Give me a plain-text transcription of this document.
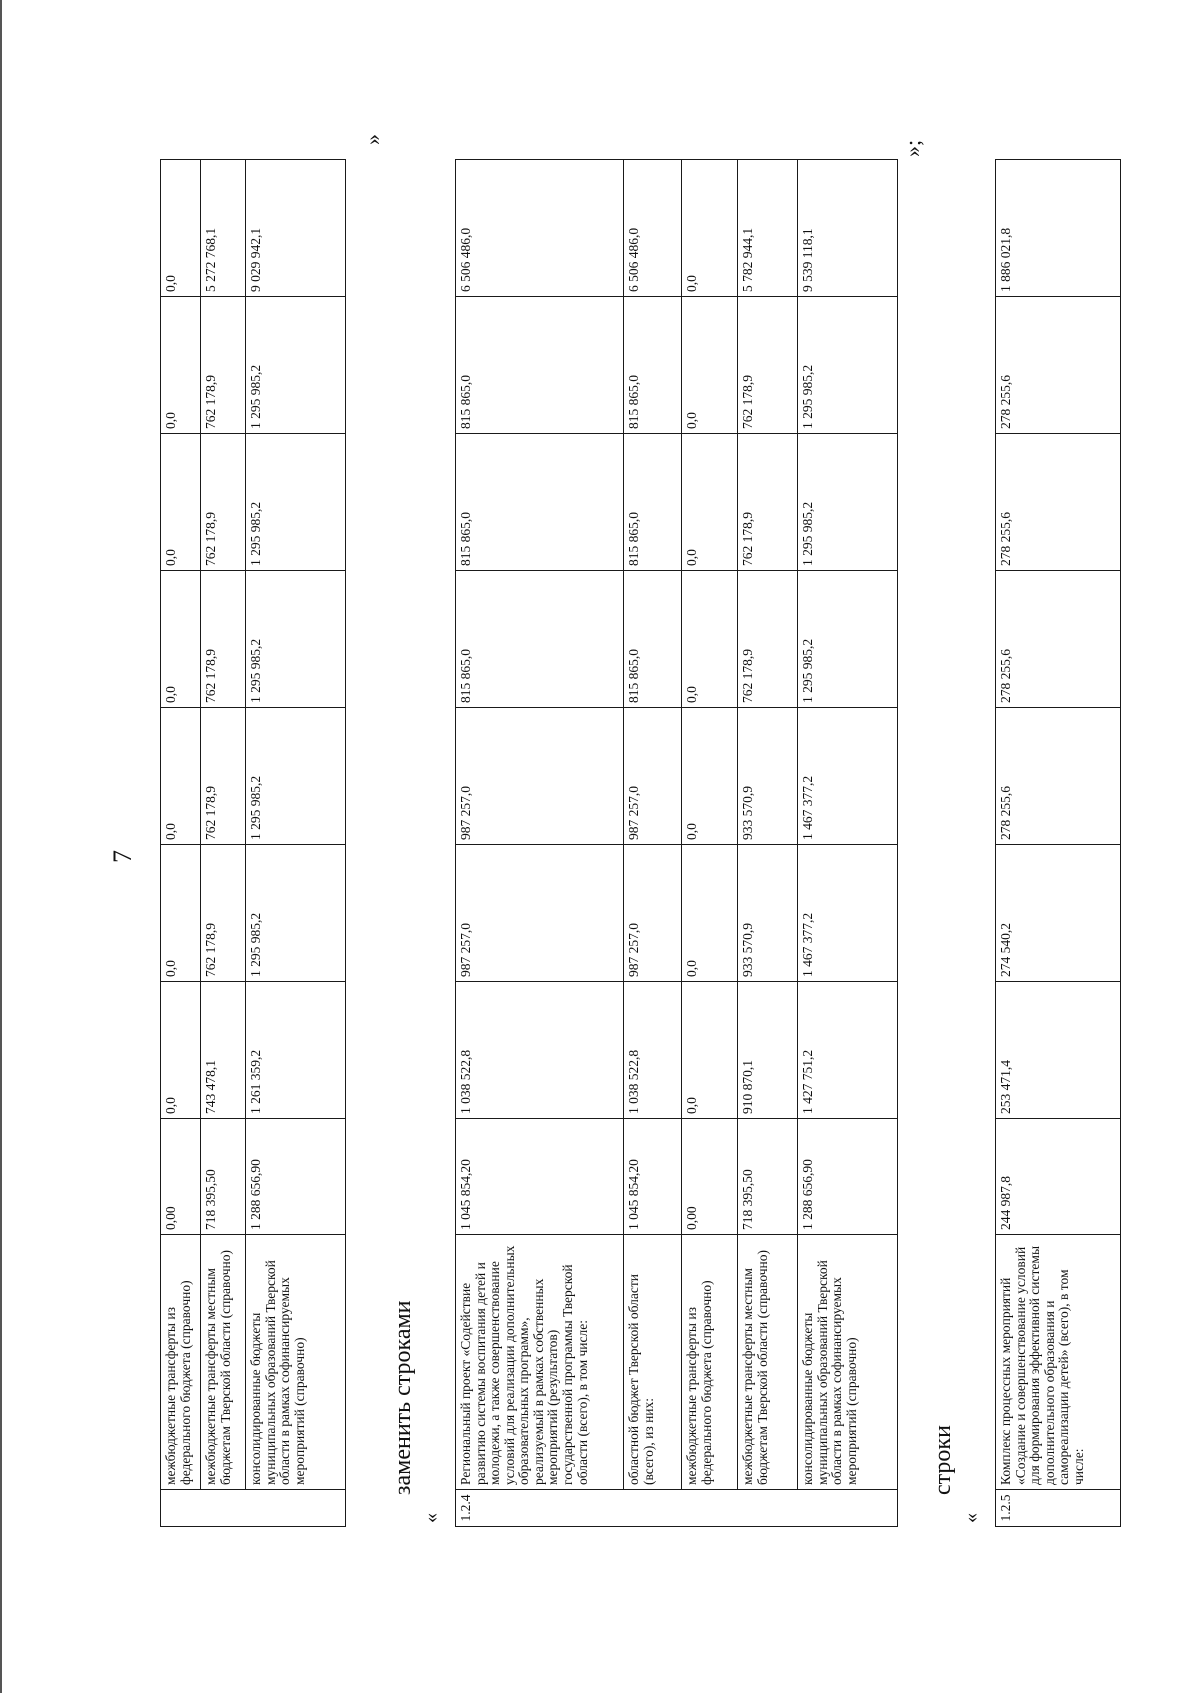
7
	межбюджетные трансферты из федерального бюджета (справочно)	0,00	0,0	0,0	0,0	0,0	0,0	0,0	0,0
	межбюджетные трансферты местным бюджетам Тверской области (справочно)	718 395,50	743 478,1	762 178,9	762 178,9	762 178,9	762 178,9	762 178,9	5 272 768,1
	консолидированные бюджеты муниципальных образований Тверской области в рамках софинансируемых мероприятий (справочно)	1 288 656,90	1 261 359,2	1 295 985,2	1 295 985,2	1 295 985,2	1 295 985,2	1 295 985,2	9 029 942,1
»
заменить строками
« 1.2.4	Региональный проект «Содействие развитию системы воспитания детей и молодежи, а также совершенствование условий для реализации дополнительных образовательных программ», реализуемый в рамках собственных мероприятий (результатов) государственной программы Тверской области (всего), в том числе:	1 045 854,20	1 038 522,8	987 257,0	987 257,0	815 865,0	815 865,0	815 865,0	6 506 486,0
	областной бюджет Тверской области (всего), из них:	1 045 854,20	1 038 522,8	987 257,0	987 257,0	815 865,0	815 865,0	815 865,0	6 506 486,0
	межбюджетные трансферты из федерального бюджета (справочно)	0,00	0,0	0,0	0,0	0,0	0,0	0,0	0,0
	межбюджетные трансферты местным бюджетам Тверской области (справочно)	718 395,50	910 870,1	933 570,9	933 570,9	762 178,9	762 178,9	762 178,9	5 782 944,1
	консолидированные бюджеты муниципальных образований Тверской области в рамках софинансируемых мероприятий (справочно)	1 288 656,90	1 427 751,2	1 467 377,2	1 467 377,2	1 295 985,2	1 295 985,2	1 295 985,2	9 539 118,1
»;
строки
« 1.2.5	Комплекс процессных мероприятий «Создание и совершенствование условий для формирования эффективной системы дополнительного образования и самореализации детей» (всего), в том числе:	244 987,8	253 471,4	274 540,2	278 255,6	278 255,6	278 255,6	278 255,6	1 886 021,8
